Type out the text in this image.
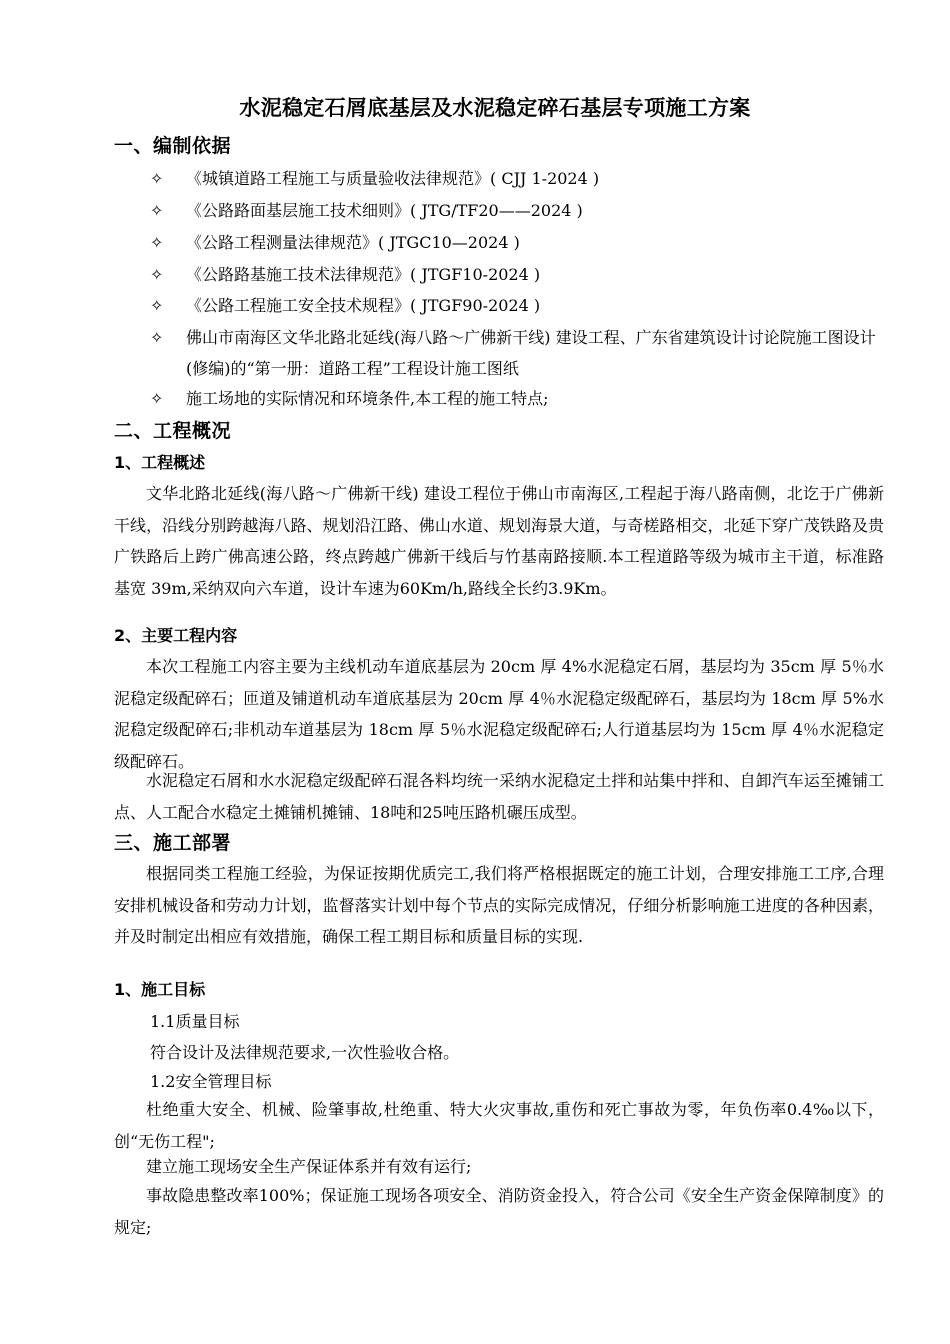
水泥稳定石屑底基层及水泥稳定碎石基层专项施工方案
一、编制依据
✧	《城镇道路工程施工与质量验收法律规范》( CJJ 1-2024 )
✧	《公路路面基层施工技术细则》( JTG/TF20——2024 )
✧	《公路工程测量法律规范》( JTGC10—2024 )
✧	《公路路基施工技术法律规范》( JTGF10-2024 )
✧	《公路工程施工安全技术规程》( JTGF90-2024 )
✧	佛山市南海区文华北路北延线(海八路～广佛新干线) 建设工程、广东省建筑设计讨论院施工图设计(修编)的“第一册：道路工程”工程设计施工图纸
✧	施工场地的实际情况和环境条件,本工程的施工特点;
二、工程概况
1、工程概述
文华北路北延线(海八路～广佛新干线) 建设工程位于佛山市南海区,工程起于海八路南侧，北讫于广佛新干线，沿线分别跨越海八路、规划沿江路、佛山水道、规划海景大道，与奇槎路相交，北延下穿广茂铁路及贵广铁路后上跨广佛高速公路，终点跨越广佛新干线后与竹基南路接顺.本工程道路等级为城市主干道，标准路基宽 39m,采纳双向六车道，设计车速为60Km/h,路线全长约3.9Km。
2、主要工程内容
本次工程施工内容主要为主线机动车道底基层为 20cm 厚 4%水泥稳定石屑，基层均为 35cm 厚 5％水泥稳定级配碎石；匝道及铺道机动车道底基层为 20cm 厚 4％水泥稳定级配碎石，基层均为 18cm 厚 5%水泥稳定级配碎石;非机动车道基层为 18cm 厚 5％水泥稳定级配碎石;人行道基层均为 15cm 厚 4％水泥稳定级配碎石。
水泥稳定石屑和水水泥稳定级配碎石混各料均统一采纳水泥稳定土拌和站集中拌和、自卸汽车运至摊铺工点、人工配合水稳定土摊铺机摊铺、18吨和25吨压路机碾压成型。
三、施工部署
根据同类工程施工经验，为保证按期优质完工,我们将严格根据既定的施工计划，合理安排施工工序,合理安排机械设备和劳动力计划，监督落实计划中每个节点的实际完成情况，仔细分析影响施工进度的各种因素，并及时制定出相应有效措施，确保工程工期目标和质量目标的实现.
1、施工目标
1.1质量目标
符合设计及法律规范要求,一次性验收合格。
1.2安全管理目标
杜绝重大安全、机械、险肇事故,杜绝重、特大火灾事故,重伤和死亡事故为零，年负伤率0.4‰以下，创“无伤工程";
建立施工现场安全生产保证体系并有效有运行;
事故隐患整改率100%；保证施工现场各项安全、消防资金投入，符合公司《安全生产资金保障制度》的规定;
